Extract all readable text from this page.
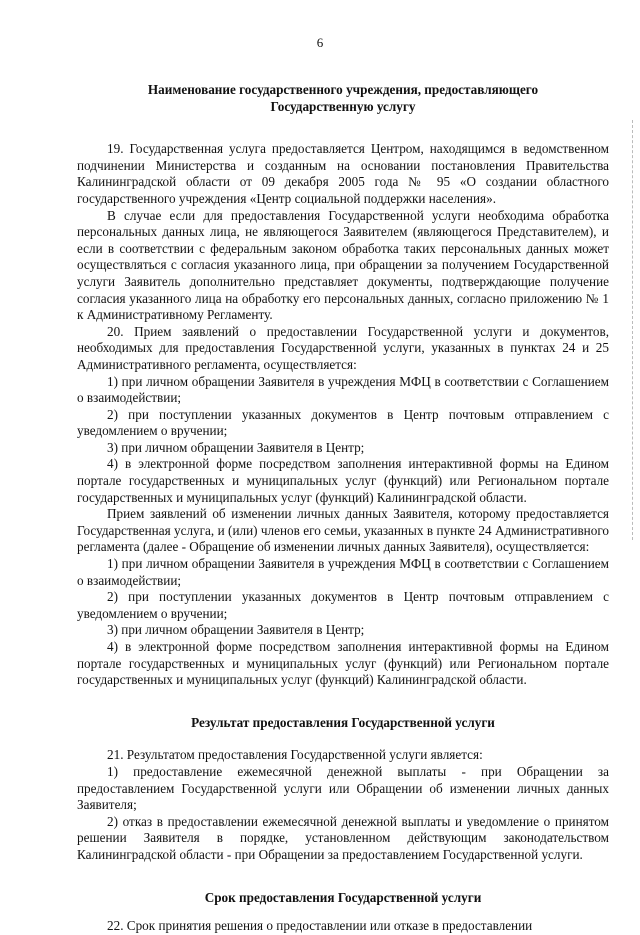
6
Наименование государственного учреждения, предоставляющего
Государственную услугу

19. Государственная услуга предоставляется Центром, находящимся в ведомственном подчинении Министерства и созданным на основании постановления Правительства Калининградской области от 09 декабря 2005 года № 95 «О создании областного государственного учреждения «Центр социальной поддержки населения».

В случае если для предоставления Государственной услуги необходима обработка персональных данных лица, не являющегося Заявителем (являющегося Представителем), и если в соответствии с федеральным законом обработка таких персональных данных может осуществляться с согласия указанного лица, при обращении за получением Государственной услуги Заявитель дополнительно представляет документы, подтверждающие получение согласия указанного лица на обработку его персональных данных, согласно приложению № 1 к Административному Регламенту.

20. Прием заявлений о предоставлении Государственной услуги и документов, необходимых для предоставления Государственной услуги, указанных в пунктах 24 и 25 Административного регламента, осуществляется:

1) при личном обращении Заявителя в учреждения МФЦ в соответствии с Соглашением о взаимодействии;

2) при поступлении указанных документов в Центр почтовым отправлением с уведомлением о вручении;

3) при личном обращении Заявителя в Центр;

4) в электронной форме посредством заполнения интерактивной формы на Едином портале государственных и муниципальных услуг (функций) или Региональном портале государственных и муниципальных услуг (функций) Калининградской области.

Прием заявлений об изменении личных данных Заявителя, которому предоставляется Государственная услуга, и (или) членов его семьи, указанных в пункте 24 Административного регламента (далее - Обращение об изменении личных данных Заявителя), осуществляется:

1) при личном обращении Заявителя в учреждения МФЦ в соответствии с Соглашением о взаимодействии;

2) при поступлении указанных документов в Центр почтовым отправлением с уведомлением о вручении;

3) при личном обращении Заявителя в Центр;

4) в электронной форме посредством заполнения интерактивной формы на Едином портале государственных и муниципальных услуг (функций) или Региональном портале государственных и муниципальных услуг (функций) Калининградской области.

Результат предоставления Государственной услуги

21. Результатом предоставления Государственной услуги является:

1) предоставление ежемесячной денежной выплаты - при Обращении за предоставлением Государственной услуги или Обращении об изменении личных данных Заявителя;

2) отказ в предоставлении ежемесячной денежной выплаты и уведомление о принятом решении Заявителя в порядке, установленном действующим законодательством Калининградской области - при Обращении за предоставлением Государственной услуги.

Срок предоставления Государственной услуги

22. Срок принятия решения о предоставлении или отказе в предоставлении
